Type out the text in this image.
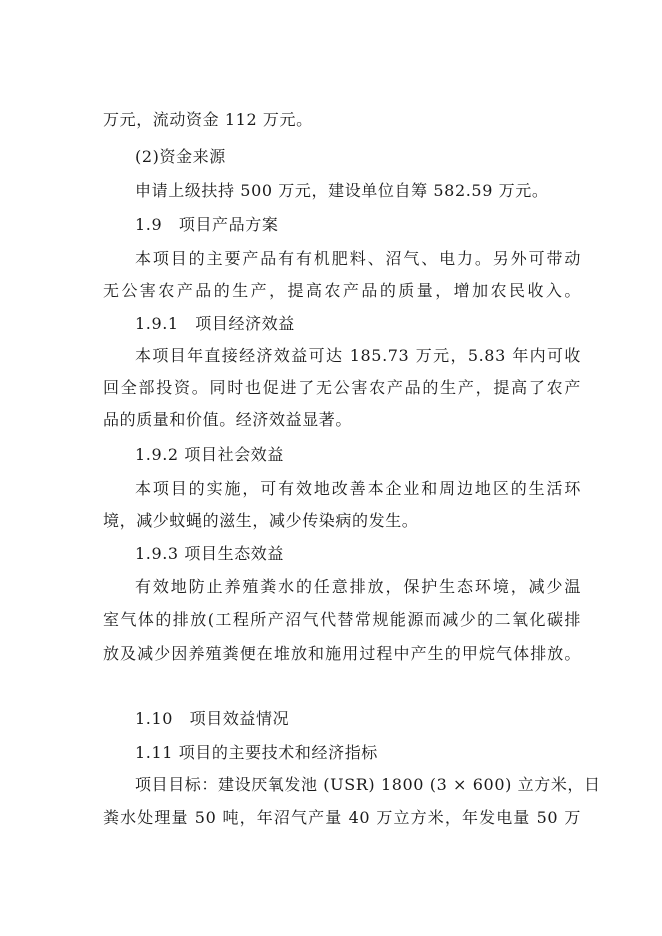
万元，流动资金 112 万元。
(2)资金来源
申请上级扶持 500 万元，建设单位自筹 582.59 万元。
1.9　项目产品方案
本项目的主要产品有有机肥料、沼气、电力。另外可带动
无公害农产品的生产，提高农产品的质量，增加农民收入。
1.9.1　项目经济效益
本项目年直接经济效益可达 185.73 万元，5.83 年内可收
回全部投资。同时也促进了无公害农产品的生产，提高了农产
品的质量和价值。经济效益显著。
1.9.2 项目社会效益
本项目的实施，可有效地改善本企业和周边地区的生活环
境，减少蚊蝇的滋生，减少传染病的发生。
1.9.3 项目生态效益
有效地防止养殖粪水的任意排放，保护生态环境，减少温
室气体的排放(工程所产沼气代替常规能源而减少的二氧化碳排
放及减少因养殖粪便在堆放和施用过程中产生的甲烷气体排放。
1.10　项目效益情况
1.11 项目的主要技术和经济指标
项目目标：建设厌氧发池 (USR) 1800 (3 × 600) 立方米，日
粪水处理量 50 吨，年沼气产量 40 万立方米，年发电量 50 万
